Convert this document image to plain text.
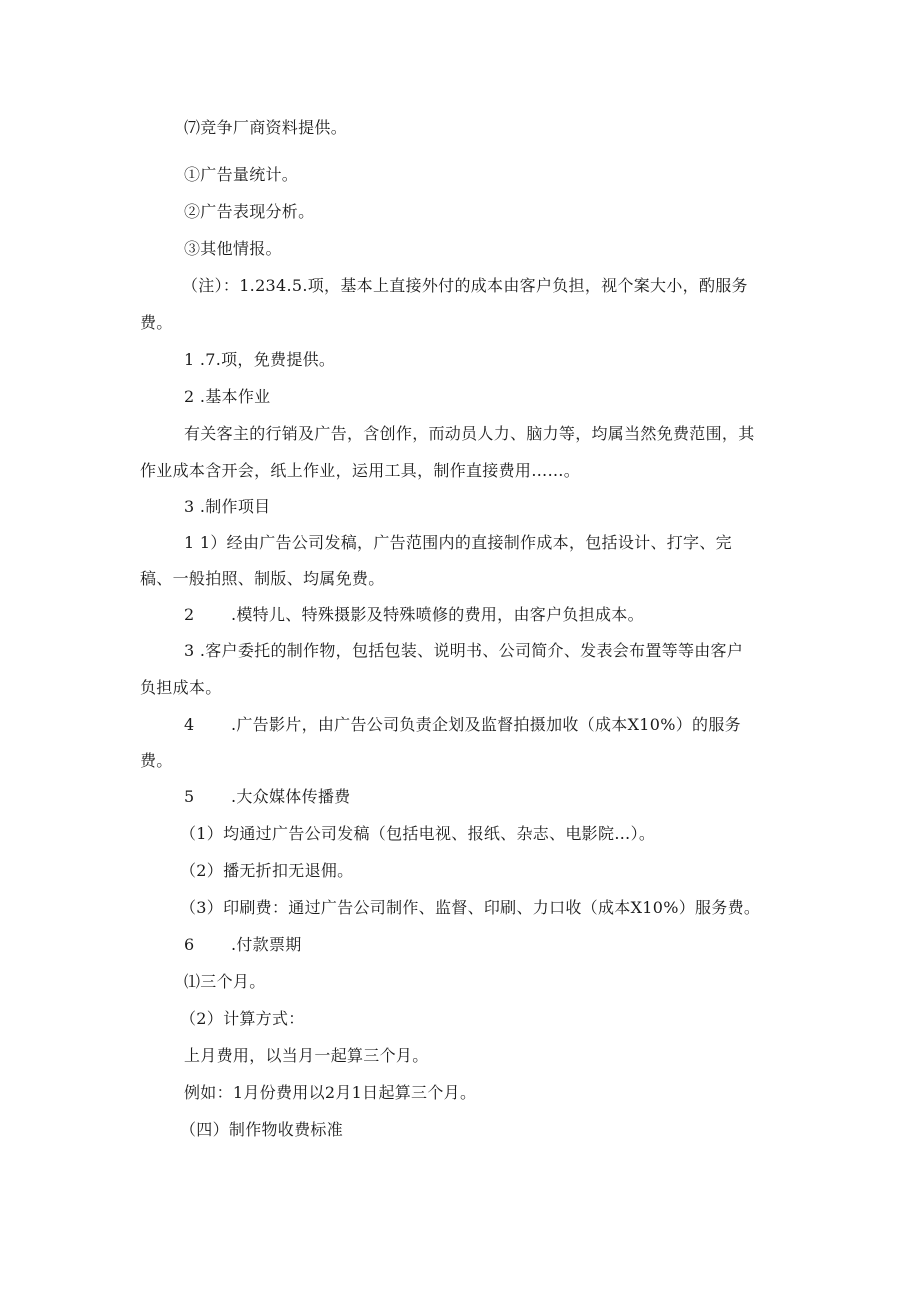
⑺竞争厂商资料提供。
①广告量统计。
②广告表现分析。
③其他情报。
（注）：1.234.5.项，基本上直接外付的成本由客户负担，视个案大小，酌服务
费。
1 .7.项，免费提供。
2 .基本作业
有关客主的行销及广告，含创作，而动员人力、脑力等，均属当然免费范围，其
作业成本含开会，纸上作业，运用工具，制作直接费用……。
3 .制作项目
1 1）经由广告公司发稿，广告范围内的直接制作成本，包括设计、打字、完
稿、一般拍照、制版、均属免费。
2 .模特儿、特殊摄影及特殊喷修的费用，由客户负担成本。
3 .客户委托的制作物，包括包装、说明书、公司简介、发表会布置等等由客户
负担成本。
4 .广告影片，由广告公司负责企划及监督拍摄加收（成本X10%）的服务
费。
5 .大众媒体传播费
（1）均通过广告公司发稿（包括电视、报纸、杂志、电影院…）。
（2）播无折扣无退佣。
（3）印刷费：通过广告公司制作、监督、印刷、力口收（成本X10%）服务费。
6 .付款票期
⑴三个月。
（2）计算方式：
上月费用，以当月一起算三个月。
例如：1月份费用以2月1日起算三个月。
（四）制作物收费标准
